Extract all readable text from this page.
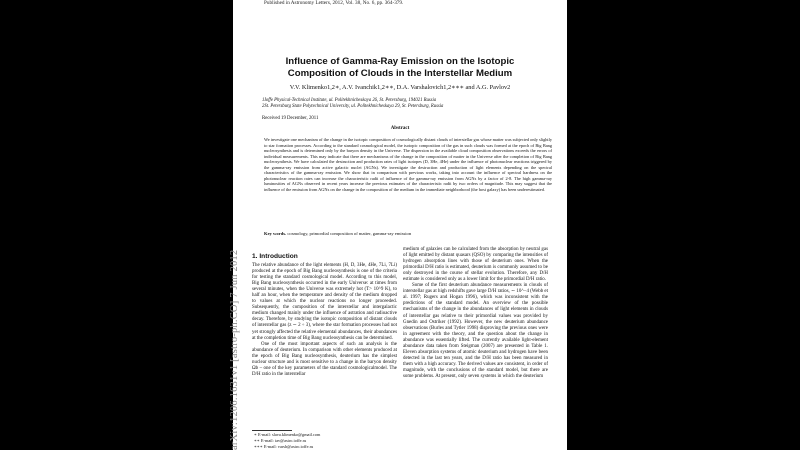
arXiv:1206.1631v1 [astro-ph.CO] 7 Jun 2012
Published in Astronomy Letters, 2012, Vol. 38, No. 6, pp. 364-379.
Influence of Gamma-Ray Emission on the Isotopic
Composition of Clouds in the Interstellar Medium
V.V. Klimenko1,2∗, A.V. Ivanchik1,2∗∗, D.A. Varshalovich1,2∗∗∗ and A.G. Pavlov2
1Ioffe Physical-Technical Institute, ul. Politekhnicheskaya 26, St. Petersburg, 194021 Russia
2St. Petersburg State Polytechnical University, ul. Politekhnicheskaya 29, St. Petersburg, Russia
Received 19 December, 2011
Abstract
We investigate one mechanism of the change in the isotopic composition of cosmologically distant clouds of interstellar gas whose matter was subjected only slightly to star formation processes. According to the standard cosmological model, the isotopic composition of the gas in such clouds was formed at the epoch of Big Bang nucleosynthesis and is determined only by the baryon density in the Universe. The dispersion in the available cloud composition observations exceeds the errors of individual measurements. This may indicate that there are mechanisms of the change in the composition of matter in the Universe after the completion of Big Bang nucleosynthesis. We have calculated the destruction and production rates of light isotopes (D, 3He, 4He) under the influence of photonuclear reactions triggered by the gamma-ray emission from active galactic nuclei (AGNs). We investigate the destruction and production of light elements depending on the spectral characteristics of the gamma-ray emission. We show that in comparison with previous works, taking into account the influence of spectral hardness on the photonuclear reaction rates can increase the characteristic radii of influence of the gamma-ray emission from AGNs by a factor of 2-8. The high gamma-ray luminosities of AGNs observed in recent years increase the previous estimates of the characteristic radii by two orders of magnitude. This may suggest that the influence of the emission from AGNs on the change in the composition of the medium in the immediate neighborhood (the host galaxy) has been underestimated.
Key words. cosmology, primordial composition of matter, gamma-ray emission
1. Introduction

The relative abundance of the light elements (H, D, 3He, 4He, 7Li, 7Li) produced at the epoch of Big Bang nucleosynthesis is one of the criteria for testing the standard cosmological model. According to this model, Big Bang nucleosynthesis occurred in the early Universe: at times from several minutes, when the Universe was extremely hot (T> 10^9 K), to half an hour, when the temperature and density of the medium dropped to values at which the nuclear reactions no longer proceeded. Subsequently, the composition of the interstellar and intergalactic medium changed mainly under the influence of astration and radioactive decay. Therefore, by studying the isotopic composition of distant clouds of interstellar gas (z ∼ 2 ÷ 3), where the star formation processes had not yet strongly affected the relative elemental abundances, their abundances at the completion time of Big Bang nucleosynthesis can be determined.

One of the most important aspects of such an analysis is the abundance of deuterium. In comparison with other elements produced at the epoch of Big Bang nucleosynthesis, deuterium has the simplest nuclear structure and is most sensitive to a change in the baryon density Ωb – one of the key parameters of the standard cosmologicalmodel. The D/H ratio in the interstellar

medium of galaxies can be calculated from the absorption by neutral gas of light emitted by distant quasars (QSO) by comparing the intensities of hydrogen absorption lines with those of deuterium ones. When the primordial D/H ratio is estimated, deuterium is commonly assumed to be only destroyed in the course of stellar evolution. Therefore, any D/H estimate is considered only as a lower limit for the primordial D/H ratio.

Some of the first deuterium abundance measurements in clouds of interstellar gas at high redshifts gave large D/H ratios, ∼ 10^−4 (Webb et al. 1997; Rugers and Hogan 1996), which was inconsistent with the predictions of the standard model. An overview of the possible mechanisms of the change in the abundances of light elements in clouds of interstellar gas relative to their primordial values was provided by Gnedin and Ostriker (1992). However, the new deuterium abundance observations (Burles and Tytler 1998) disproving the previous ones were in agreement with the theory, and the question about the change in abundance was essentially lifted. The currently available light-element abundance data taken from Steigman (2007) are presented in Table 1. Eleven absorption systems of atomic deuterium and hydrogen have been detected in the last ten years, and the D/H ratio has been measured in them with a high accuracy. The derived values are consistent, in order of magnitude, with the conclusions of the standard model, but there are some problems. At present, only seven systems in which the deuterium

∗ E-mail: slava.klimenko@gmail.com
∗∗ E-mail: iav@astro.ioffe.ru
∗∗∗ E-mail: varsh@astro.ioffe.ru
